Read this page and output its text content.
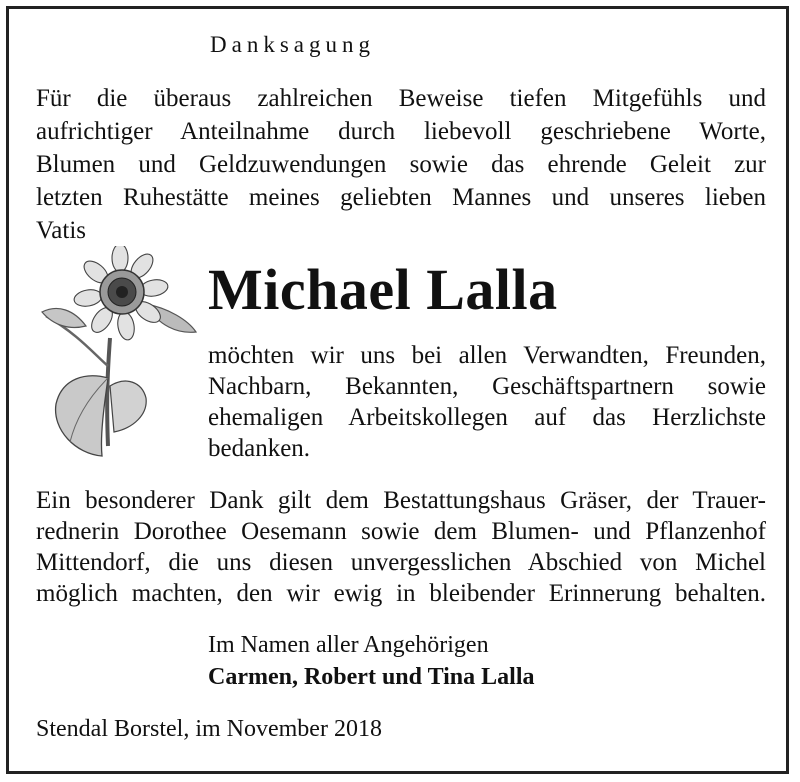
Danksagung
Für die überaus zahlreichen Beweise tiefen Mitgefühls und
aufrichtiger Anteilnahme durch liebevoll geschriebene Worte,
Blumen und Geldzuwendungen sowie das ehrende Geleit zur
letzten Ruhestätte meines geliebten Mannes und unseres lieben
Vatis
Michael Lalla
möchten wir uns bei allen Verwandten, Freunden,
Nachbarn, Bekannten, Geschäftspartnern sowie
ehemaligen Arbeitskollegen auf das Herzlichste
bedanken.
Ein besonderer Dank gilt dem Bestattungshaus Gräser, der Trauer-
rednerin Dorothee Oesemann sowie dem Blumen- und Pflanzenhof
Mittendorf, die uns diesen unvergesslichen Abschied von Michel
möglich machten, den wir ewig in bleibender Erinnerung behalten.
Im Namen aller Angehörigen
Carmen, Robert und Tina Lalla
Stendal Borstel, im November 2018
